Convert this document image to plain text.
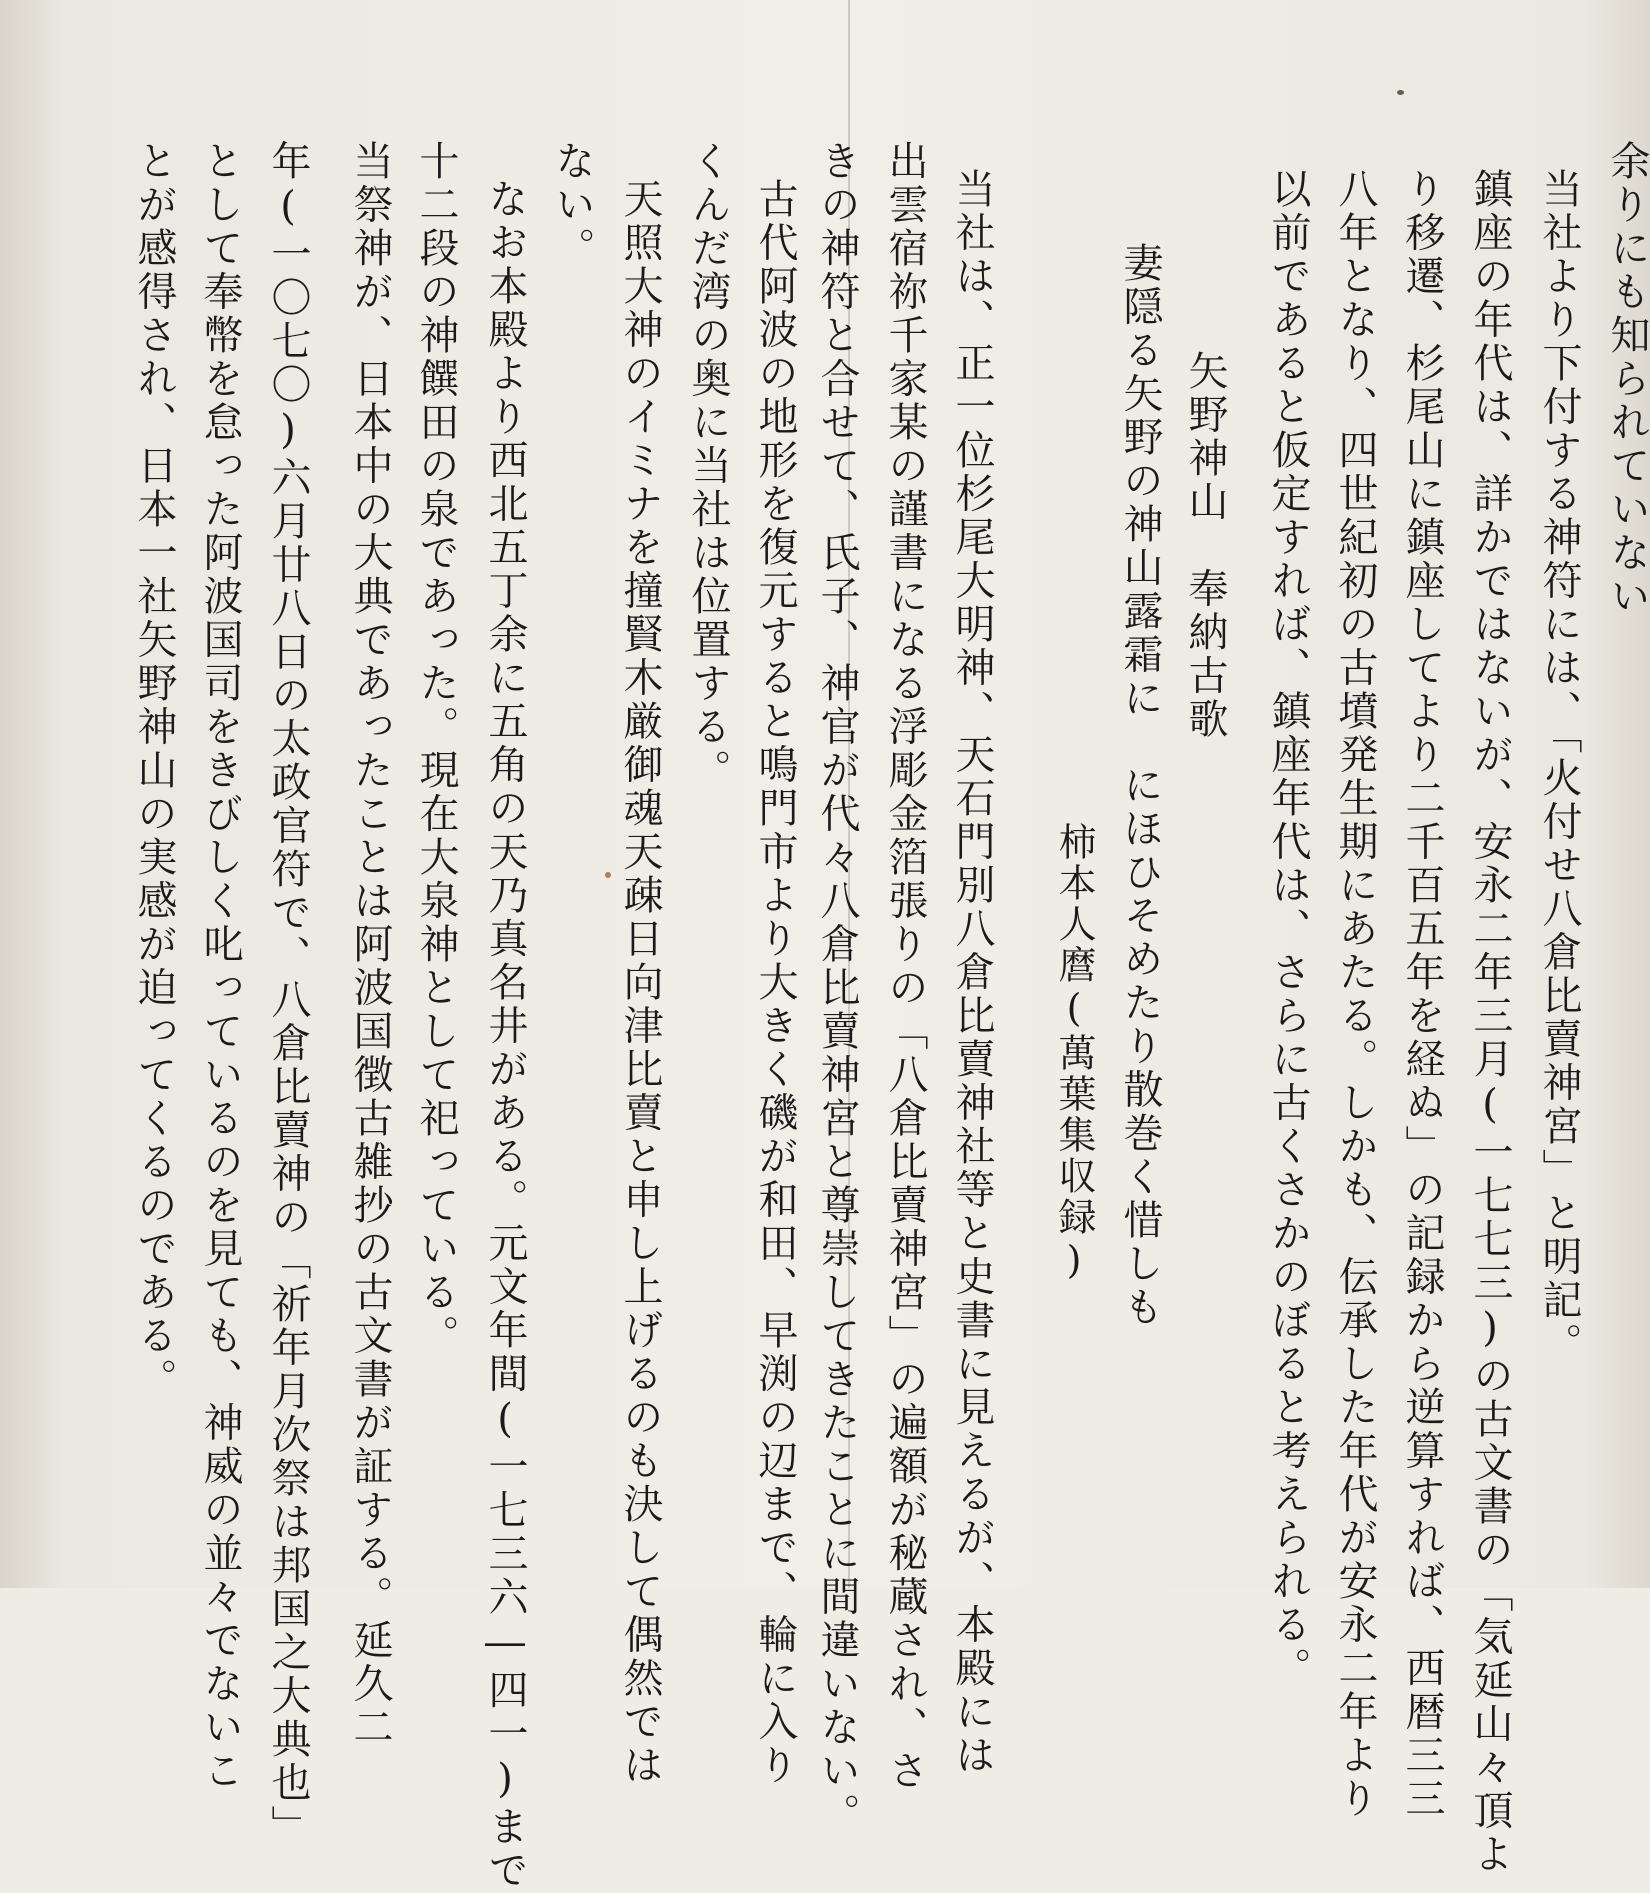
余りにも知られていない
当社より下付する神符には、「火付せ八倉比賣神宮」と明記。
鎮座の年代は、詳かではないが、安永二年三月(一七七三)の古文書の「気延山々頂よ
り移遷、杉尾山に鎮座してより二千百五年を経ぬ」の記録から逆算すれば、西暦三三
八年となり、四世紀初の古墳発生期にあたる。しかも、伝承した年代が安永二年より
以前であると仮定すれば、鎮座年代は、さらに古くさかのぼると考えられる。
矢野神山　奉納古歌
妻隠る矢野の神山露霜に　にほひそめたり散巻く惜しも
柿本人麿(萬葉集収録)
当社は、正一位杉尾大明神、天石門別八倉比賣神社等と史書に見えるが、本殿には
出雲宿祢千家某の謹書になる浮彫金箔張りの「八倉比賣神宮」の遍額が秘蔵され、さ
きの神符と合せて、氏子、神官が代々八倉比賣神宮と尊崇してきたことに間違いない。
古代阿波の地形を復元すると鳴門市より大きく磯が和田、早渕の辺まで、輪に入り
くんだ湾の奥に当社は位置する。
天照大神のイミナを撞賢木厳御魂天疎日向津比賣と申し上げるのも決して偶然では
ない。
なお本殿より西北五丁余に五角の天乃真名井がある。元文年間(一七三六―四一)まで
十二段の神饌田の泉であった。現在大泉神として祀っている。
当祭神が、日本中の大典であったことは阿波国徴古雑抄の古文書が証する。延久二
年(一〇七〇)六月廿八日の太政官符で、八倉比賣神の「祈年月次祭は邦国之大典也」
として奉幣を怠った阿波国司をきびしく叱っているのを見ても、神威の並々でないこ
とが感得され、日本一社矢野神山の実感が迫ってくるのである。
